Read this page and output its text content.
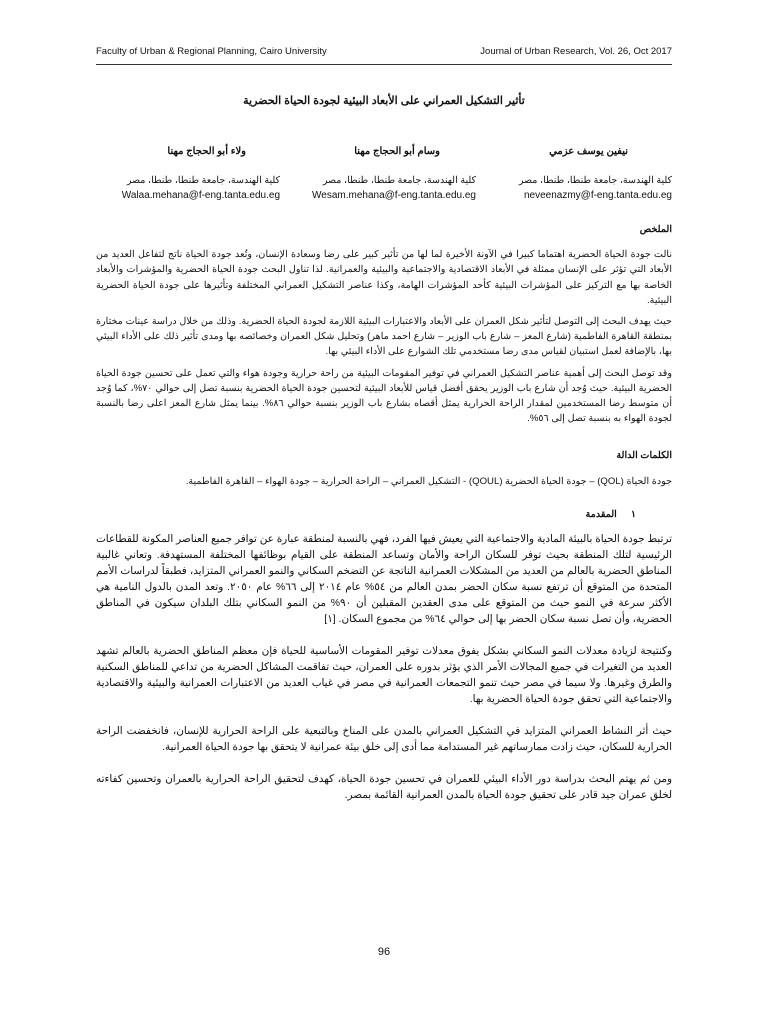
Faculty of Urban & Regional Planning, Cairo University	Journal of Urban Research, Vol. 26, Oct 2017
تأثير التشكيل العمراني على الأبعاد البيئية لجودة الحياة الحضرية
نيفين يوسف عزمي
كلية الهندسة، جامعة طنطا، طنطا، مصر
neveenazmy@f-eng.tanta.edu.eg
وسام أبو الحجاج مهنا
كلية الهندسة، جامعة طنطا، طنطا، مصر
Wesam.mehana@f-eng.tanta.edu.eg
ولاء أبو الحجاج مهنا
كلية الهندسة، جامعة طنطا، طنطا، مصر
Walaa.mehana@f-eng.tanta.edu.eg
الملخص

نالت جودة الحياة الحضرية اهتماما كبيرا في الآونة الأخيرة لما لها من تأثير كبير على رضا وسعادة الإنسان، وتُعد جودة الحياة ناتج لتفاعل العديد من الأبعاد التي تؤثر على الإنسان ممثلة في الأبعاد الاقتصادية والاجتماعية والبيئية والعمرانية. لذا تناول البحث جودة الحياة الحضرية والمؤشرات والأبعاد الخاصة بها مع التركيز على المؤشرات البيئية كأحد المؤشرات الهامة، وكذا عناصر التشكيل العمراني المختلفة وتأثيرها على جودة الحياة الحضرية البيئية.

حيث يهدف البحث إلى التوصل لتأثير شكل العمران على الأبعاد والاعتبارات البيئية اللازمة لجودة الحياة الحضرية. وذلك من خلال دراسة عينات مختارة بمنطقة القاهرة الفاطمية (شارع المعز – شارع باب الوزير – شارع احمد ماهر) وتحليل شكل العمران وخصائصه بها ومدى تأثير ذلك على الأداء البيئي بها، بالإضافة لعمل استبيان لقياس مدى رضا مستخدمي تلك الشوارع على الأداء البيئي بها.

وقد توصل البحث إلى أهمية عناصر التشكيل العمراني في توفير المقومات البيئية من راحة حرارية وجودة هواء والتي تعمل على تحسين جودة الحياة الحضرية البيئية. حيث وُجد أن شارع باب الوزير يحقق أفضل قياس للأبعاد البيئية لتحسين جودة الحياة الحضرية بنسبة تصل إلى حوالي ٧٠%، كما وُجد أن متوسط رضا المستخدمين لمقدار الراحة الحرارية يمثل أقصاه بشارع باب الوزير بنسبة حوالي ٨٦%. بينما يمثل شارع المعز اعلى رضا بالنسبة لجودة الهواء به بنسبة تصل إلى ٥٦%.

الكلمات الدالة

جودة الحياة (QOL) – جودة الحياة الحضرية (QOUL) - التشكيل العمراني – الراحة الحرارية – جودة الهواء – القاهرة الفاطمية.

١
المقدمة

ترتبط جودة الحياة بالبيئة المادية والاجتماعية التي يعيش فيها الفرد، فهي بالنسبة لمنطقة عبارة عن توافر جميع العناصر المكونة للقطاعات الرئيسية لتلك المنطقة بحيث توفر للسكان الراحة والأمان وتساعد المنطقة على القيام بوظائفها المختلفة المستهدفة. وتعاني غالبية المناطق الحضرية بالعالم من العديد من المشكلات العمرانية الناتجة عن التضخم السكاني والنمو العمراني المتزايد، فطبقاً لدراسات الأمم المتحدة من المتوقع أن ترتفع نسبة سكان الحضر بمدن العالم من ٥٤% عام ٢٠١٤ إلى ٦٦% عام ٢٠٥٠. وتعد المدن بالدول النامية هي الأكثر سرعة في النمو حيث من المتوقع على مدى العقدين المقبلين أن ٩٠% من النمو السكاني بتلك البلدان سيكون في المناطق الحضرية، وأن تصل نسبة سكان الحضر بها إلى حوالي ٦٤% من مجموع السكان. [١]

وكنتيجة لزيادة معدلات النمو السكاني بشكل يفوق معدلات توفير المقومات الأساسية للحياة فإن معظم المناطق الحضرية بالعالم تشهد العديد من التغيرات في جميع المجالات الأمر الذي يؤثر بدوره على العمران، حيث تفاقمت المشاكل الحضرية من تداعي للمناطق السكنية والطرق وغيرها. ولا سيما في مصر حيث تنمو التجمعات العمرانية في مصر في غياب العديد من الاعتبارات العمرانية والبيئية والاقتصادية والاجتماعية التي تحقق جودة الحياة الحضرية بها.

حيث أثر النشاط العمراني المتزايد في التشكيل العمراني بالمدن على المناخ وبالتبعية على الراحة الحرارية للإنسان، فانخفضت الراحة الحرارية للسكان، حيث زادت ممارساتهم غير المستدامة مما أدى إلى خلق بيئة عمرانية لا يتحقق بها جودة الحياة العمرانية.

ومن ثم يهتم البحث بدراسة دور الأداء البيئي للعمران في تحسين جودة الحياة، كهدف لتحقيق الراحة الحرارية بالعمران وتحسين كفاءته لخلق عمران جيد قادر على تحقيق جودة الحياة بالمدن العمرانية القائمة بمصر.

96
